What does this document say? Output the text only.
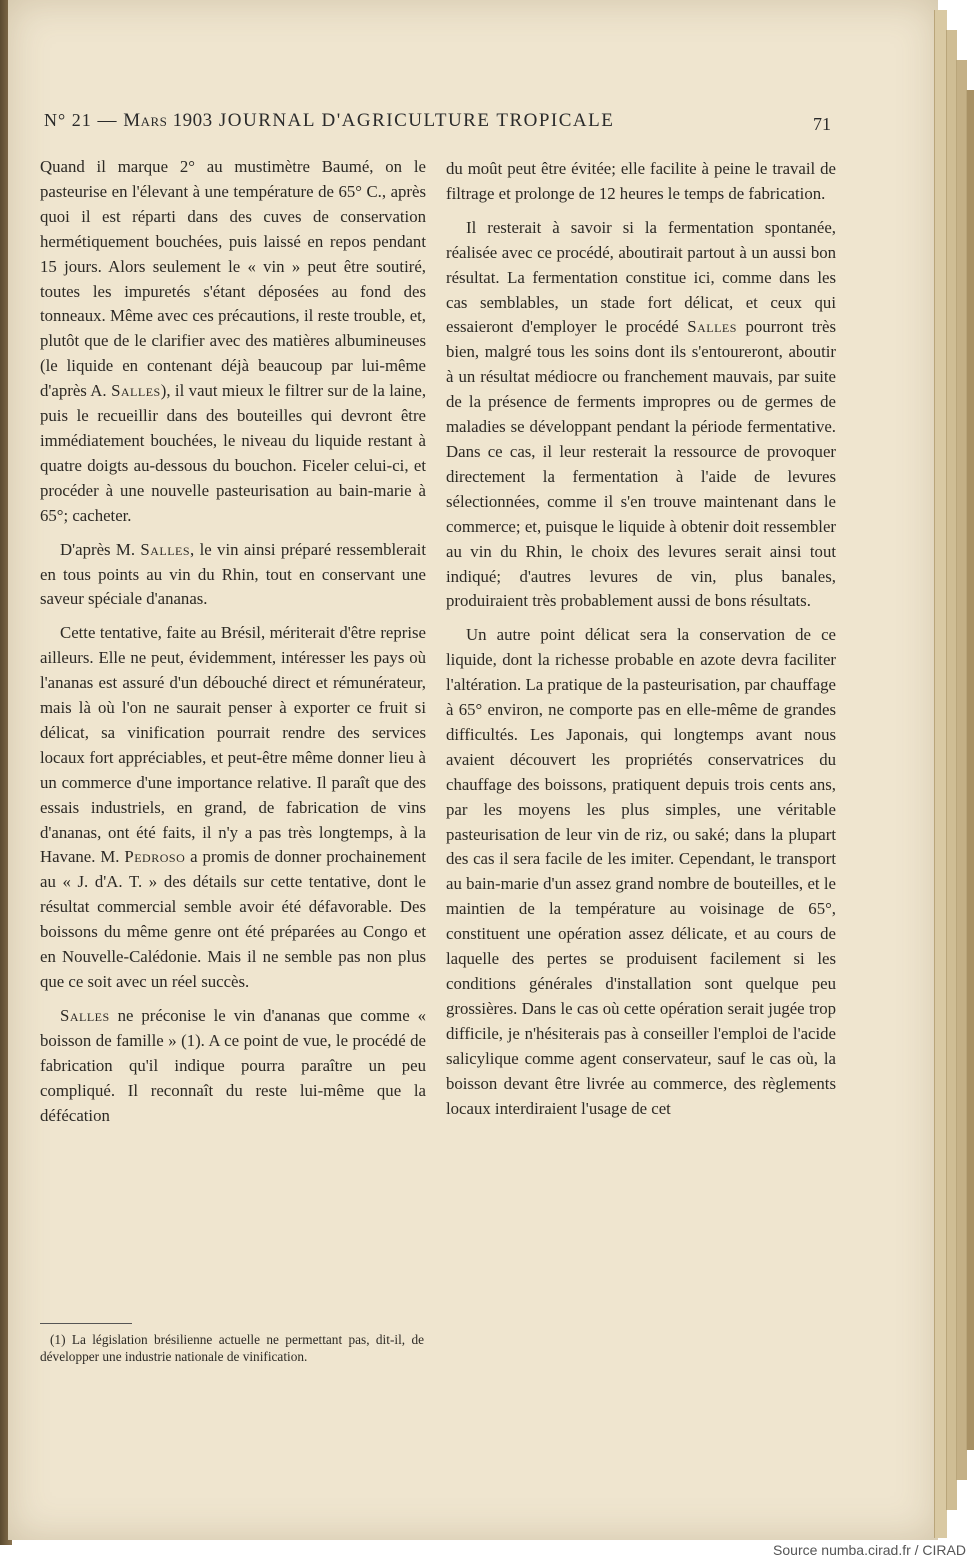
N° 21 — Mars 1903 JOURNAL D'AGRICULTURE TROPICALE	71

Quand il marque 2° au mustimètre Baumé, on le pasteurise en l'élevant à une température de 65° C., après quoi il est réparti dans des cuves de conservation hermétiquement bouchées, puis laissé en repos pendant 15 jours. Alors seulement le « vin » peut être soutiré, toutes les impuretés s'étant déposées au fond des tonneaux. Même avec ces précautions, il reste trouble, et, plutôt que de le clarifier avec des matières albumineuses (le liquide en contenant déjà beaucoup par lui-même d'après A. Salles), il vaut mieux le filtrer sur de la laine, puis le recueillir dans des bouteilles qui devront être immédiatement bouchées, le niveau du liquide restant à quatre doigts au-dessous du bouchon. Ficeler celui-ci, et procéder à une nouvelle pasteurisation au bain-marie à 65°; cacheter.

D'après M. Salles, le vin ainsi préparé ressemblerait en tous points au vin du Rhin, tout en conservant une saveur spéciale d'ananas.

Cette tentative, faite au Brésil, mériterait d'être reprise ailleurs. Elle ne peut, évidemment, intéresser les pays où l'ananas est assuré d'un débouché direct et rémunérateur, mais là où l'on ne saurait penser à exporter ce fruit si délicat, sa vinification pourrait rendre des services locaux fort appréciables, et peut-être même donner lieu à un commerce d'une importance relative. Il paraît que des essais industriels, en grand, de fabrication de vins d'ananas, ont été faits, il n'y a pas très longtemps, à la Havane. M. Pedroso a promis de donner prochainement au « J. d'A. T. » des détails sur cette tentative, dont le résultat commercial semble avoir été défavorable. Des boissons du même genre ont été préparées au Congo et en Nouvelle-Calédonie. Mais il ne semble pas non plus que ce soit avec un réel succès.

Salles ne préconise le vin d'ananas que comme « boisson de famille » (1). A ce point de vue, le procédé de fabrication qu'il indique pourra paraître un peu compliqué. Il reconnaît du reste lui-même que la défécation

du moût peut être évitée; elle facilite à peine le travail de filtrage et prolonge de 12 heures le temps de fabrication.

Il resterait à savoir si la fermentation spontanée, réalisée avec ce procédé, aboutirait partout à un aussi bon résultat. La fermentation constitue ici, comme dans les cas semblables, un stade fort délicat, et ceux qui essaieront d'employer le procédé Salles pourront très bien, malgré tous les soins dont ils s'entoureront, aboutir à un résultat médiocre ou franchement mauvais, par suite de la présence de ferments impropres ou de germes de maladies se développant pendant la période fermentative. Dans ce cas, il leur resterait la ressource de provoquer directement la fermentation à l'aide de levures sélectionnées, comme il s'en trouve maintenant dans le commerce; et, puisque le liquide à obtenir doit ressembler au vin du Rhin, le choix des levures serait ainsi tout indiqué; d'autres levures de vin, plus banales, produiraient très probablement aussi de bons résultats.

Un autre point délicat sera la conservation de ce liquide, dont la richesse probable en azote devra faciliter l'altération. La pratique de la pasteurisation, par chauffage à 65° environ, ne comporte pas en elle-même de grandes difficultés. Les Japonais, qui longtemps avant nous avaient découvert les propriétés conservatrices du chauffage des boissons, pratiquent depuis trois cents ans, par les moyens les plus simples, une véritable pasteurisation de leur vin de riz, ou saké; dans la plupart des cas il sera facile de les imiter. Cependant, le transport au bain-marie d'un assez grand nombre de bouteilles, et le maintien de la température au voisinage de 65°, constituent une opération assez délicate, et au cours de laquelle des pertes se produisent facilement si les conditions générales d'installation sont quelque peu grossières. Dans le cas où cette opération serait jugée trop difficile, je n'hésiterais pas à conseiller l'emploi de l'acide salicylique comme agent conservateur, sauf le cas où, la boisson devant être livrée au commerce, des règlements locaux interdiraient l'usage de cet

(1) La législation brésilienne actuelle ne permettant pas, dit-il, de développer une industrie nationale de vinification.
Source numba.cirad.fr / CIRAD
